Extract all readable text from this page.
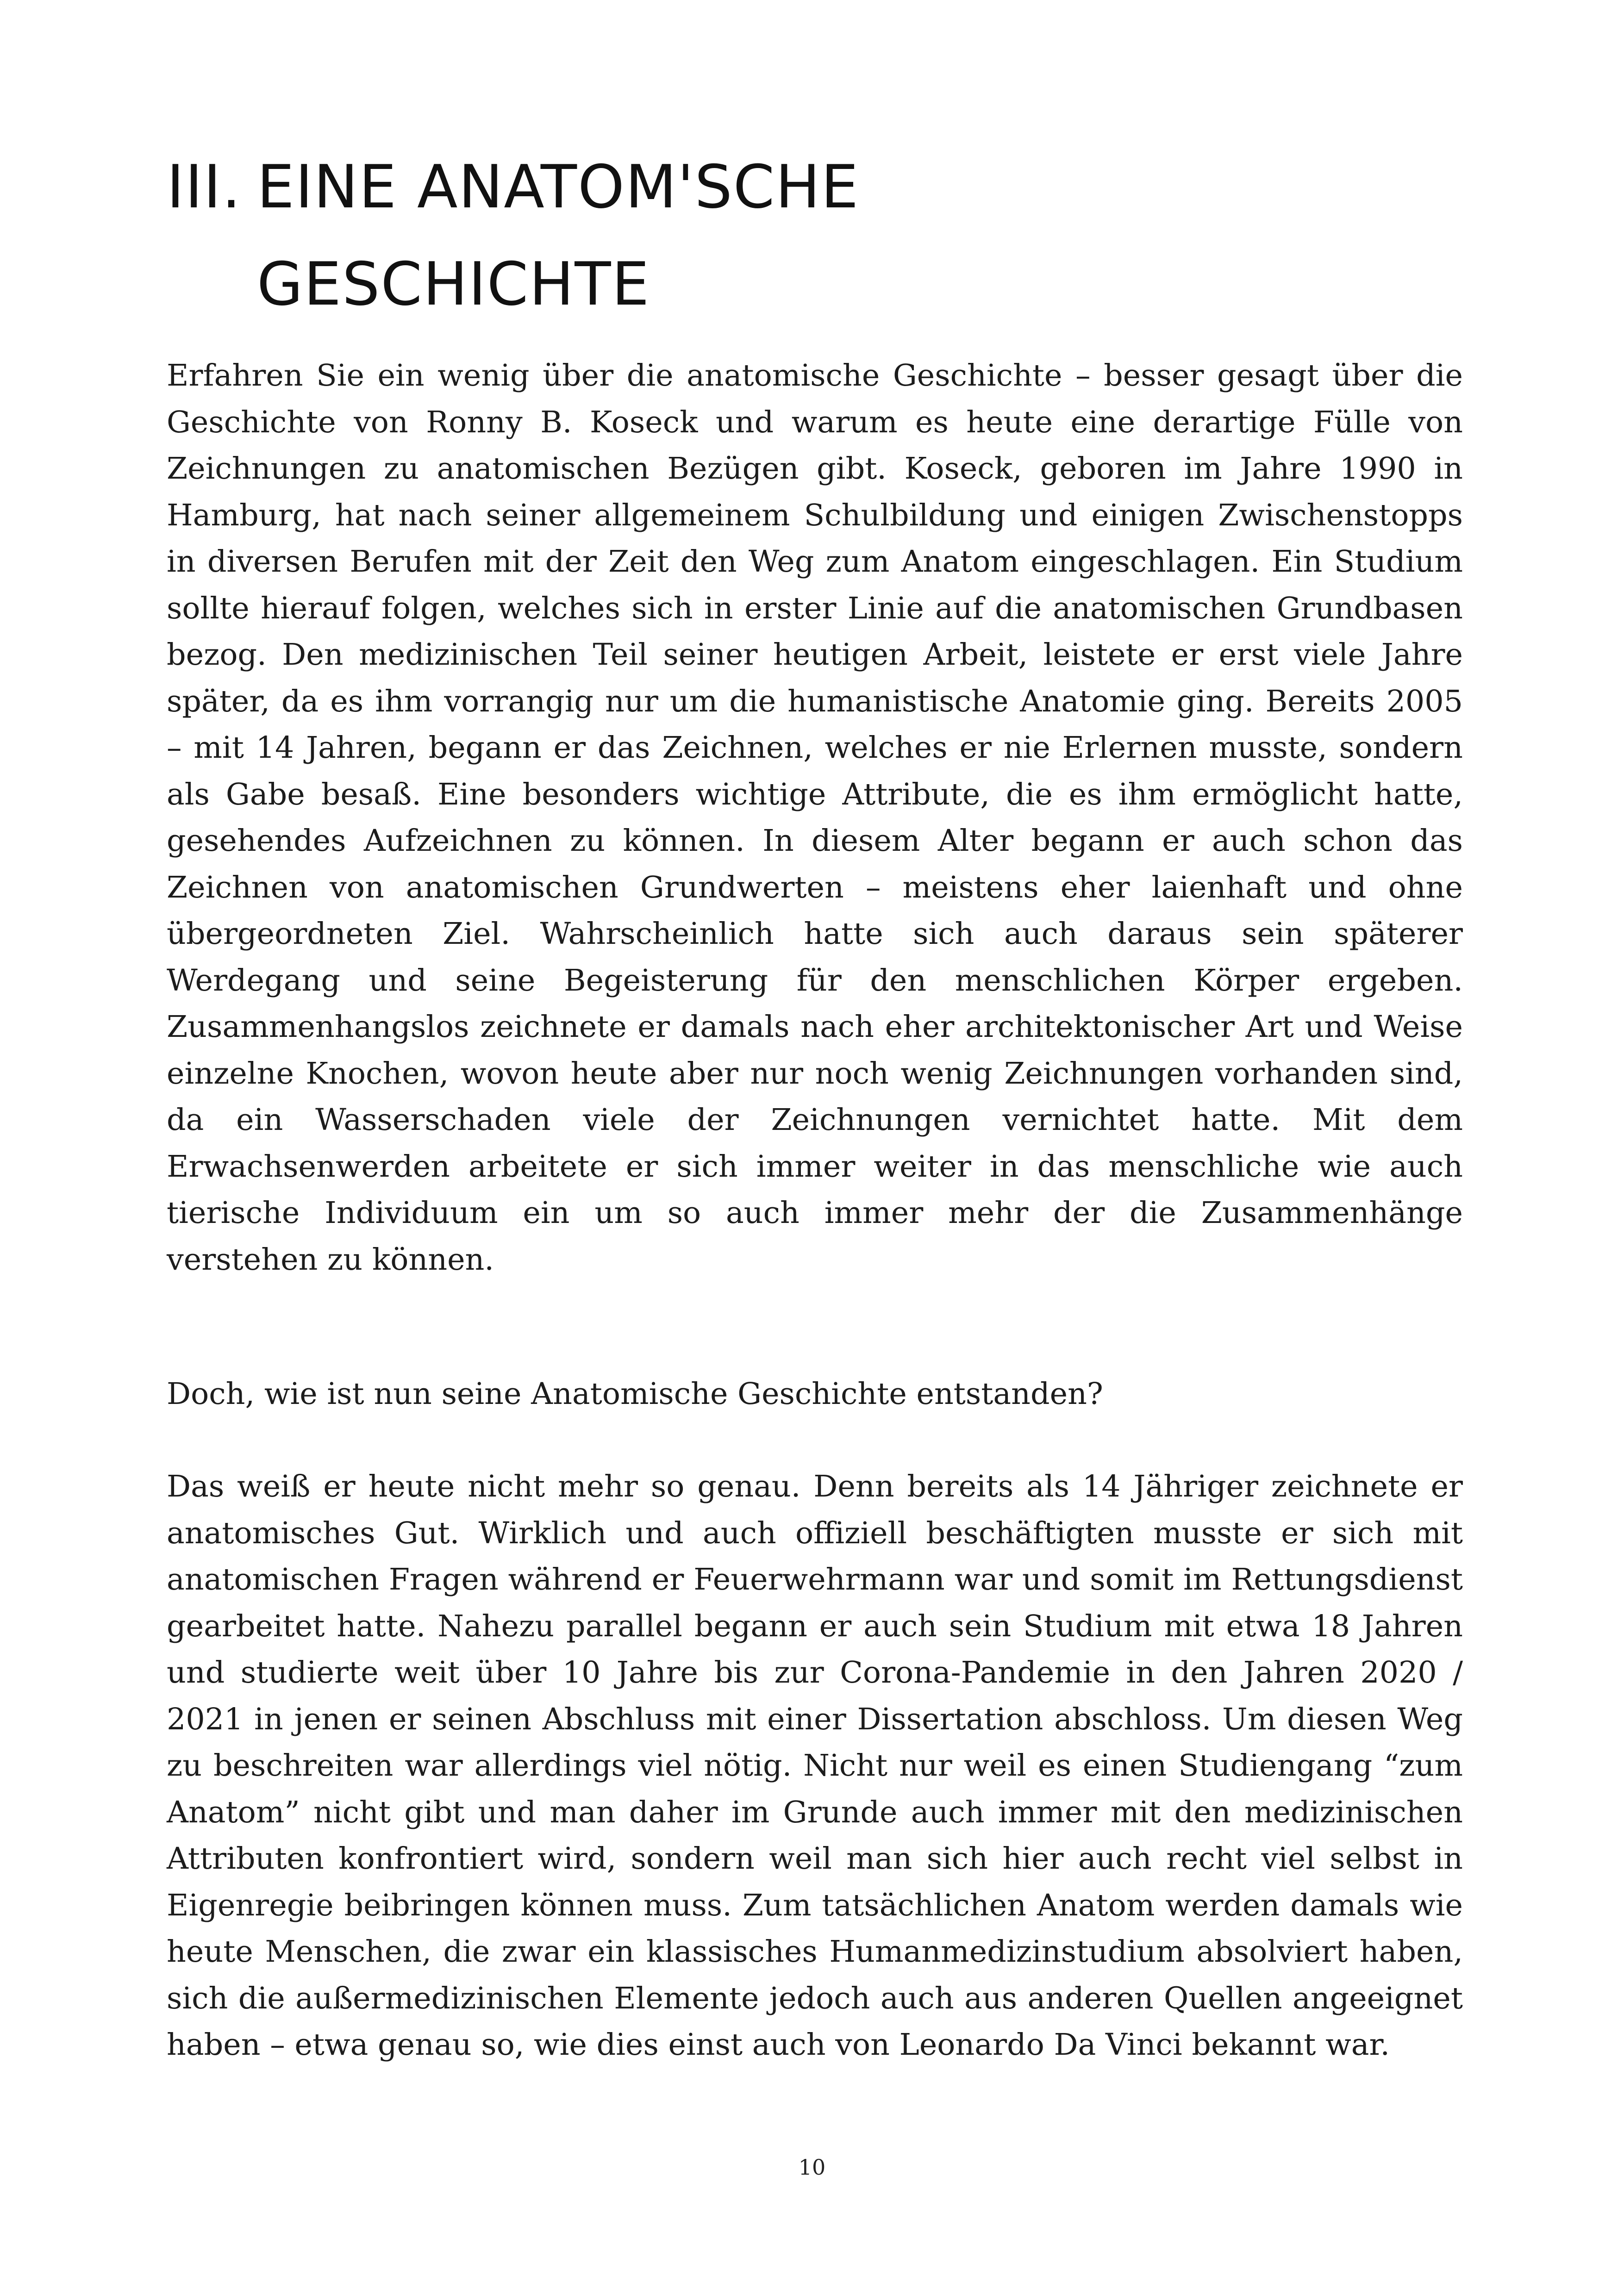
III. EINE ANATOM'SCHE
GESCHICHTE

Erfahren Sie ein wenig über die anatomische Geschichte – besser gesagt über die Geschichte von Ronny B. Koseck und warum es heute eine derartige Fülle von Zeichnungen zu anatomischen Bezügen gibt. Koseck, geboren im Jahre 1990 in Hamburg, hat nach seiner allgemeinem Schulbildung und einigen Zwischenstopps in diversen Berufen mit der Zeit den Weg zum Anatom eingeschlagen. Ein Studium sollte hierauf folgen, welches sich in erster Linie auf die anatomischen Grundbasen bezog. Den medizinischen Teil seiner heutigen Arbeit, leistete er erst viele Jahre später, da es ihm vorrangig nur um die humanistische Anatomie ging. Bereits 2005 – mit 14 Jahren, begann er das Zeichnen, welches er nie Erlernen musste, sondern als Gabe besaß. Eine besonders wichtige Attribute, die es ihm ermöglicht hatte, gesehendes Aufzeichnen zu können. In diesem Alter begann er auch schon das Zeichnen von anatomischen Grundwerten – meistens eher laienhaft und ohne übergeordneten Ziel. Wahrscheinlich hatte sich auch daraus sein späterer Werdegang und seine Begeisterung für den menschlichen Körper ergeben. Zusammenhangslos zeichnete er damals nach eher architektonischer Art und Weise einzelne Knochen, wovon heute aber nur noch wenig Zeichnungen vorhanden sind, da ein Wasserschaden viele der Zeichnungen vernichtet hatte. Mit dem Erwachsenwerden arbeitete er sich immer weiter in das menschliche wie auch tierische Individuum ein um so auch immer mehr der die Zusammenhänge verstehen zu können.

Doch, wie ist nun seine Anatomische Geschichte entstanden?

Das weiß er heute nicht mehr so genau. Denn bereits als 14 Jähriger zeichnete er anatomisches Gut. Wirklich und auch offiziell beschäftigten musste er sich mit anatomischen Fragen während er Feuerwehrmann war und somit im Rettungsdienst gearbeitet hatte. Nahezu parallel begann er auch sein Studium mit etwa 18 Jahren und studierte weit über 10 Jahre bis zur Corona-Pandemie in den Jahren 2020 / 2021 in jenen er seinen Abschluss mit einer Dissertation abschloss. Um diesen Weg zu beschreiten war allerdings viel nötig. Nicht nur weil es einen Studiengang “zum Anatom” nicht gibt und man daher im Grunde auch immer mit den medizinischen Attributen konfrontiert wird, sondern weil man sich hier auch recht viel selbst in Eigenregie beibringen können muss. Zum tatsächlichen Anatom werden damals wie heute Menschen, die zwar ein klassisches Humanmedizinstudium absolviert haben, sich die außermedizinischen Elemente jedoch auch aus anderen Quellen angeeignet haben – etwa genau so, wie dies einst auch von Leonardo Da Vinci bekannt war.

10
